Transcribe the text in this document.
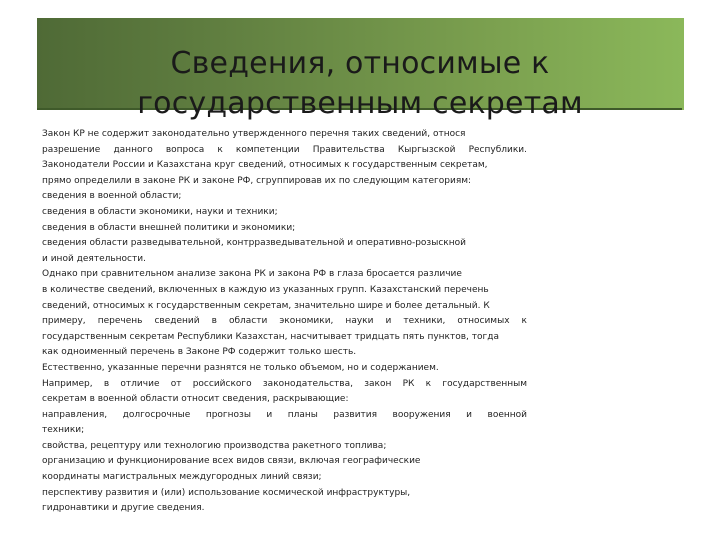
Сведения, относимые к
государственным секретам

Закон КР не содержит законодательно утвержденного перечня таких сведений, относя

разрешение данного вопроса к компетенции Правительства Кыргызской Республики.

Законодатели России и Казахстана круг сведений, относимых к государственным секретам,

прямо определили в законе РК и законе РФ, сгруппировав их по следующим категориям:

сведения в военной области;

сведения в области экономики, науки и техники;

сведения в области внешней политики и экономики;

сведения области разведывательной, контрразведывательной и оперативно-розыскной

и иной деятельности.

Однако при сравнительном анализе закона РК и закона РФ в глаза бросается различие

в количестве сведений, включенных в каждую из указанных групп. Казахстанский перечень

сведений, относимых к государственным секретам, значительно шире и более детальный. К

примеру, перечень сведений в области экономики, науки и техники, относимых к

государственным секретам Республики Казахстан, насчитывает тридцать пять пунктов, тогда

как одноименный перечень в Законе РФ содержит только шесть.

Естественно, указанные перечни разнятся не только объемом, но и содержанием.

Например, в отличие от российского законодательства, закон РК к государственным

секретам в военной области относит сведения, раскрывающие:

направления, долгосрочные прогнозы и планы развития вооружения и военной

техники;

свойства, рецептуру или технологию производства ракетного топлива;

организацию и функционирование всех видов связи, включая географические

координаты магистральных междугородных линий связи;

перспективу развития и (или) использование космической инфраструктуры,

гидронавтики и другие сведения.
